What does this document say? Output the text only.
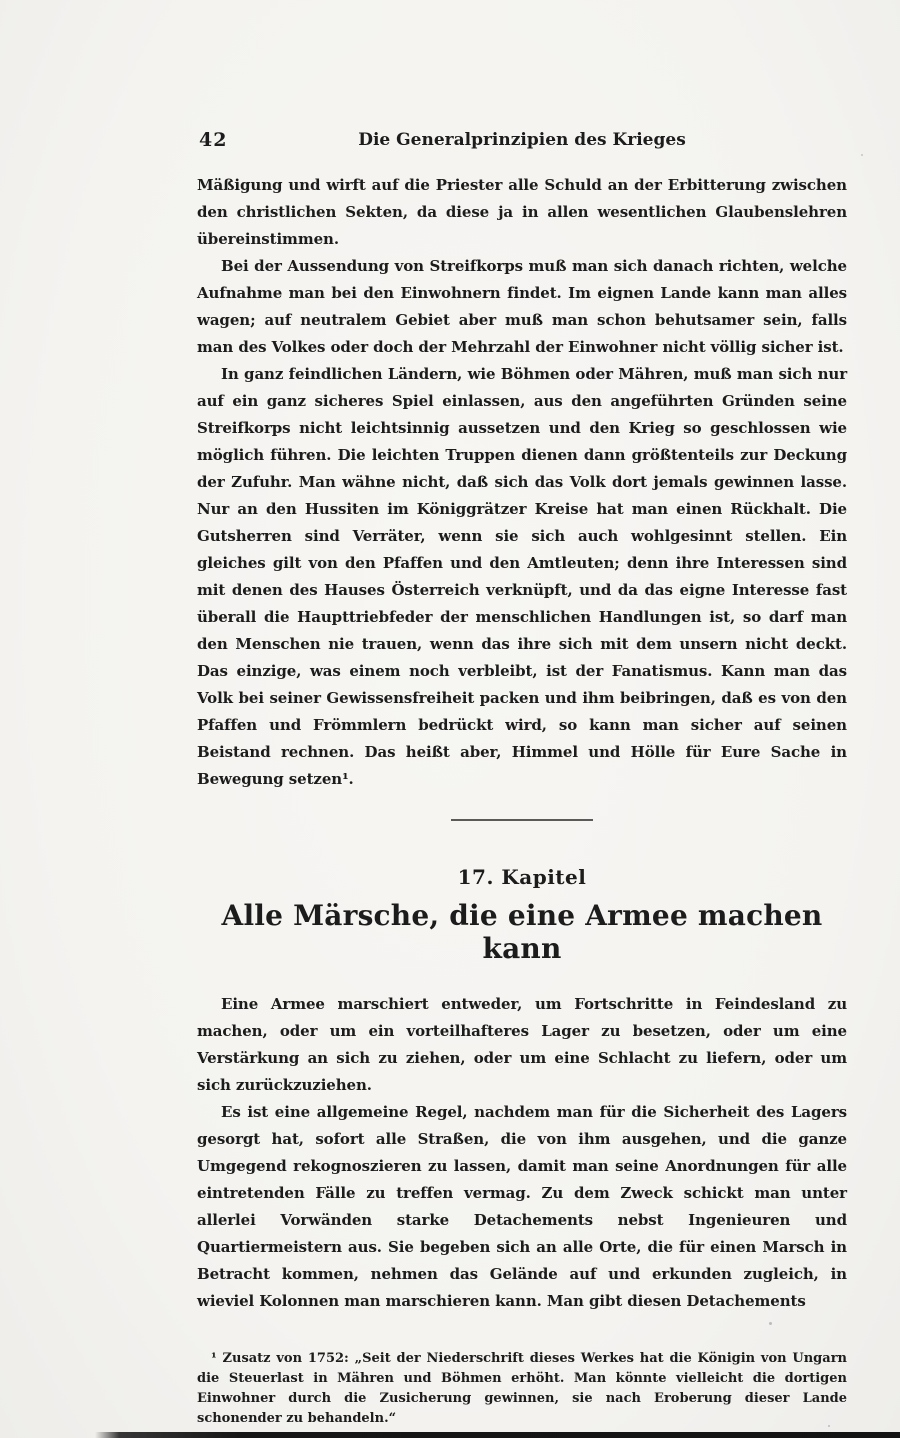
42	Die Generalprinzipien des Krieges

Mäßigung und wirft auf die Priester alle Schuld an der Erbitterung zwischen den christlichen Sekten, da diese ja in allen wesentlichen Glaubenslehren übereinstimmen.

Bei der Aussendung von Streifkorps muß man sich danach richten, welche Aufnahme man bei den Einwohnern findet. Im eignen Lande kann man alles wagen; auf neutralem Gebiet aber muß man schon behutsamer sein, falls man des Volkes oder doch der Mehrzahl der Einwohner nicht völlig sicher ist.

In ganz feindlichen Ländern, wie Böhmen oder Mähren, muß man sich nur auf ein ganz sicheres Spiel einlassen, aus den angeführten Gründen seine Streifkorps nicht leichtsinnig aussetzen und den Krieg so geschlossen wie möglich führen. Die leichten Truppen dienen dann größtenteils zur Deckung der Zufuhr. Man wähne nicht, daß sich das Volk dort jemals gewinnen lasse. Nur an den Hussiten im Königgrätzer Kreise hat man einen Rückhalt. Die Gutsherren sind Verräter, wenn sie sich auch wohlgesinnt stellen. Ein gleiches gilt von den Pfaffen und den Amtleuten; denn ihre Interessen sind mit denen des Hauses Österreich verknüpft, und da das eigne Interesse fast überall die Haupttriebfeder der menschlichen Handlungen ist, so darf man den Menschen nie trauen, wenn das ihre sich mit dem unsern nicht deckt. Das einzige, was einem noch verbleibt, ist der Fanatismus. Kann man das Volk bei seiner Gewissensfreiheit packen und ihm beibringen, daß es von den Pfaffen und Frömmlern bedrückt wird, so kann man sicher auf seinen Beistand rechnen. Das heißt aber, Himmel und Hölle für Eure Sache in Bewegung setzen¹.

17. Kapitel
Alle Märsche, die eine Armee machen kann

Eine Armee marschiert entweder, um Fortschritte in Feindesland zu machen, oder um ein vorteilhafteres Lager zu besetzen, oder um eine Verstärkung an sich zu ziehen, oder um eine Schlacht zu liefern, oder um sich zurückzuziehen.

Es ist eine allgemeine Regel, nachdem man für die Sicherheit des Lagers gesorgt hat, sofort alle Straßen, die von ihm ausgehen, und die ganze Umgegend rekognoszieren zu lassen, damit man seine Anordnungen für alle eintretenden Fälle zu treffen vermag. Zu dem Zweck schickt man unter allerlei Vorwänden starke Detachements nebst Ingenieuren und Quartiermeistern aus. Sie begeben sich an alle Orte, die für einen Marsch in Betracht kommen, nehmen das Gelände auf und erkunden zugleich, in wieviel Kolonnen man marschieren kann. Man gibt diesen Detachements

¹ Zusatz von 1752: „Seit der Niederschrift dieses Werkes hat die Königin von Ungarn die Steuerlast in Mähren und Böhmen erhöht. Man könnte vielleicht die dortigen Einwohner durch die Zusicherung gewinnen, sie nach Eroberung dieser Lande schonender zu behandeln.“
